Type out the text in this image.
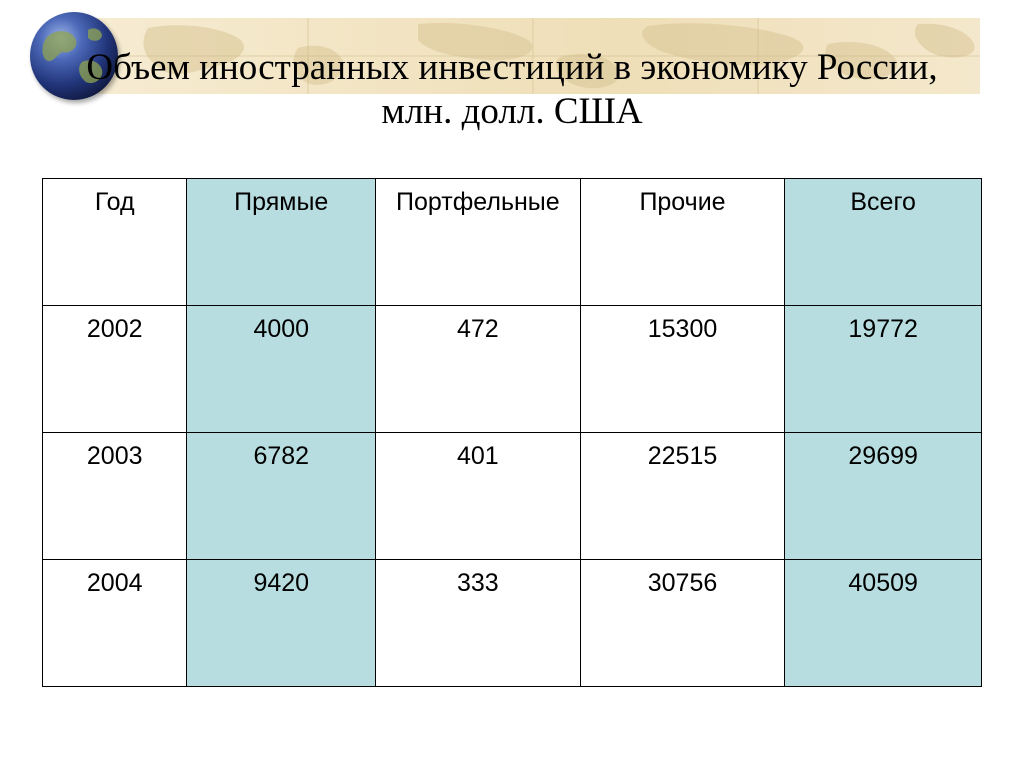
Объем иностранных инвестиций в экономику России,
млн. долл. США
Год	Прямые	Портфельные	Прочие	Всего
2002	4000	472	15300	19772
2003	6782	401	22515	29699
2004	9420	333	30756	40509
